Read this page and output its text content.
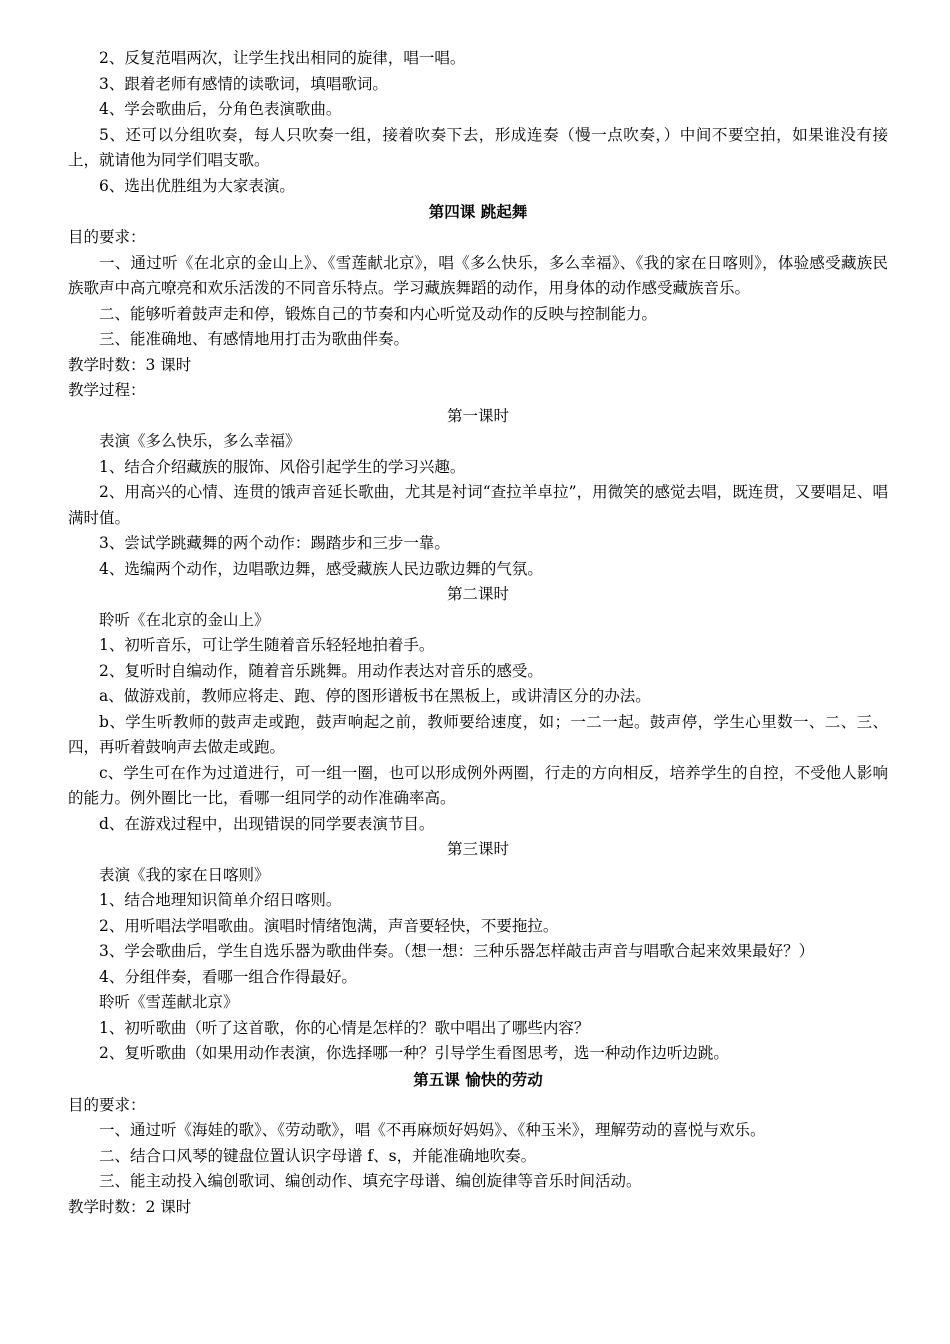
2、反复范唱两次，让学生找出相同的旋律，唱一唱。

3、跟着老师有感情的读歌词，填唱歌词。

4、学会歌曲后，分角色表演歌曲。

5、还可以分组吹奏，每人只吹奏一组，接着吹奏下去，形成连奏（慢一点吹奏，）中间不要空拍，如果谁没有接上，就请他为同学们唱支歌。

6、选出优胜组为大家表演。

第四课 跳起舞

目的要求：

一、通过听《在北京的金山上》、《雪莲献北京》，唱《多么快乐，多么幸福》、《我的家在日喀则》，体验感受藏族民族歌声中高亢嘹亮和欢乐活泼的不同音乐特点。学习藏族舞蹈的动作，用身体的动作感受藏族音乐。

二、能够听着鼓声走和停，锻炼自己的节奏和内心听觉及动作的反映与控制能力。

三、能准确地、有感情地用打击为歌曲伴奏。

教学时数：3 课时

教学过程：

第一课时

表演《多么快乐，多么幸福》

1、结合介绍藏族的服饰、风俗引起学生的学习兴趣。

2、用高兴的心情、连贯的饿声音延长歌曲，尤其是衬词“查拉羊卓拉”，用微笑的感觉去唱，既连贯，又要唱足、唱满时值。

3、尝试学跳藏舞的两个动作：踢踏步和三步一靠。

4、选编两个动作，边唱歌边舞，感受藏族人民边歌边舞的气氛。

第二课时

聆听《在北京的金山上》

1、初听音乐，可让学生随着音乐轻轻地拍着手。

2、复听时自编动作，随着音乐跳舞。用动作表达对音乐的感受。

a、做游戏前，教师应将走、跑、停的图形谱板书在黑板上，或讲清区分的办法。

b、学生听教师的鼓声走或跑，鼓声响起之前，教师要给速度，如；一二一起。鼓声停，学生心里数一、二、三、四，再听着鼓响声去做走或跑。

c、学生可在作为过道进行，可一组一圈，也可以形成例外两圈，行走的方向相反，培养学生的自控，不受他人影响的能力。例外圈比一比，看哪一组同学的动作准确率高。

d、在游戏过程中，出现错误的同学要表演节目。

第三课时

表演《我的家在日喀则》

1、结合地理知识简单介绍日喀则。

2、用听唱法学唱歌曲。演唱时情绪饱满，声音要轻快，不要拖拉。

3、学会歌曲后，学生自选乐器为歌曲伴奏。（想一想：三种乐器怎样敲击声音与唱歌合起来效果最好？）

4、分组伴奏，看哪一组合作得最好。

聆听《雪莲献北京》

1、初听歌曲（听了这首歌，你的心情是怎样的？歌中唱出了哪些内容？

2、复听歌曲（如果用动作表演，你选择哪一种？引导学生看图思考，选一种动作边听边跳。

第五课 愉快的劳动

目的要求：

一、通过听《海娃的歌》、《劳动歌》，唱《不再麻烦好妈妈》、《种玉米》，理解劳动的喜悦与欢乐。

二、结合口风琴的键盘位置认识字母谱 f、s，并能准确地吹奏。

三、能主动投入编创歌词、编创动作、填充字母谱、编创旋律等音乐时间活动。

教学时数：2 课时
